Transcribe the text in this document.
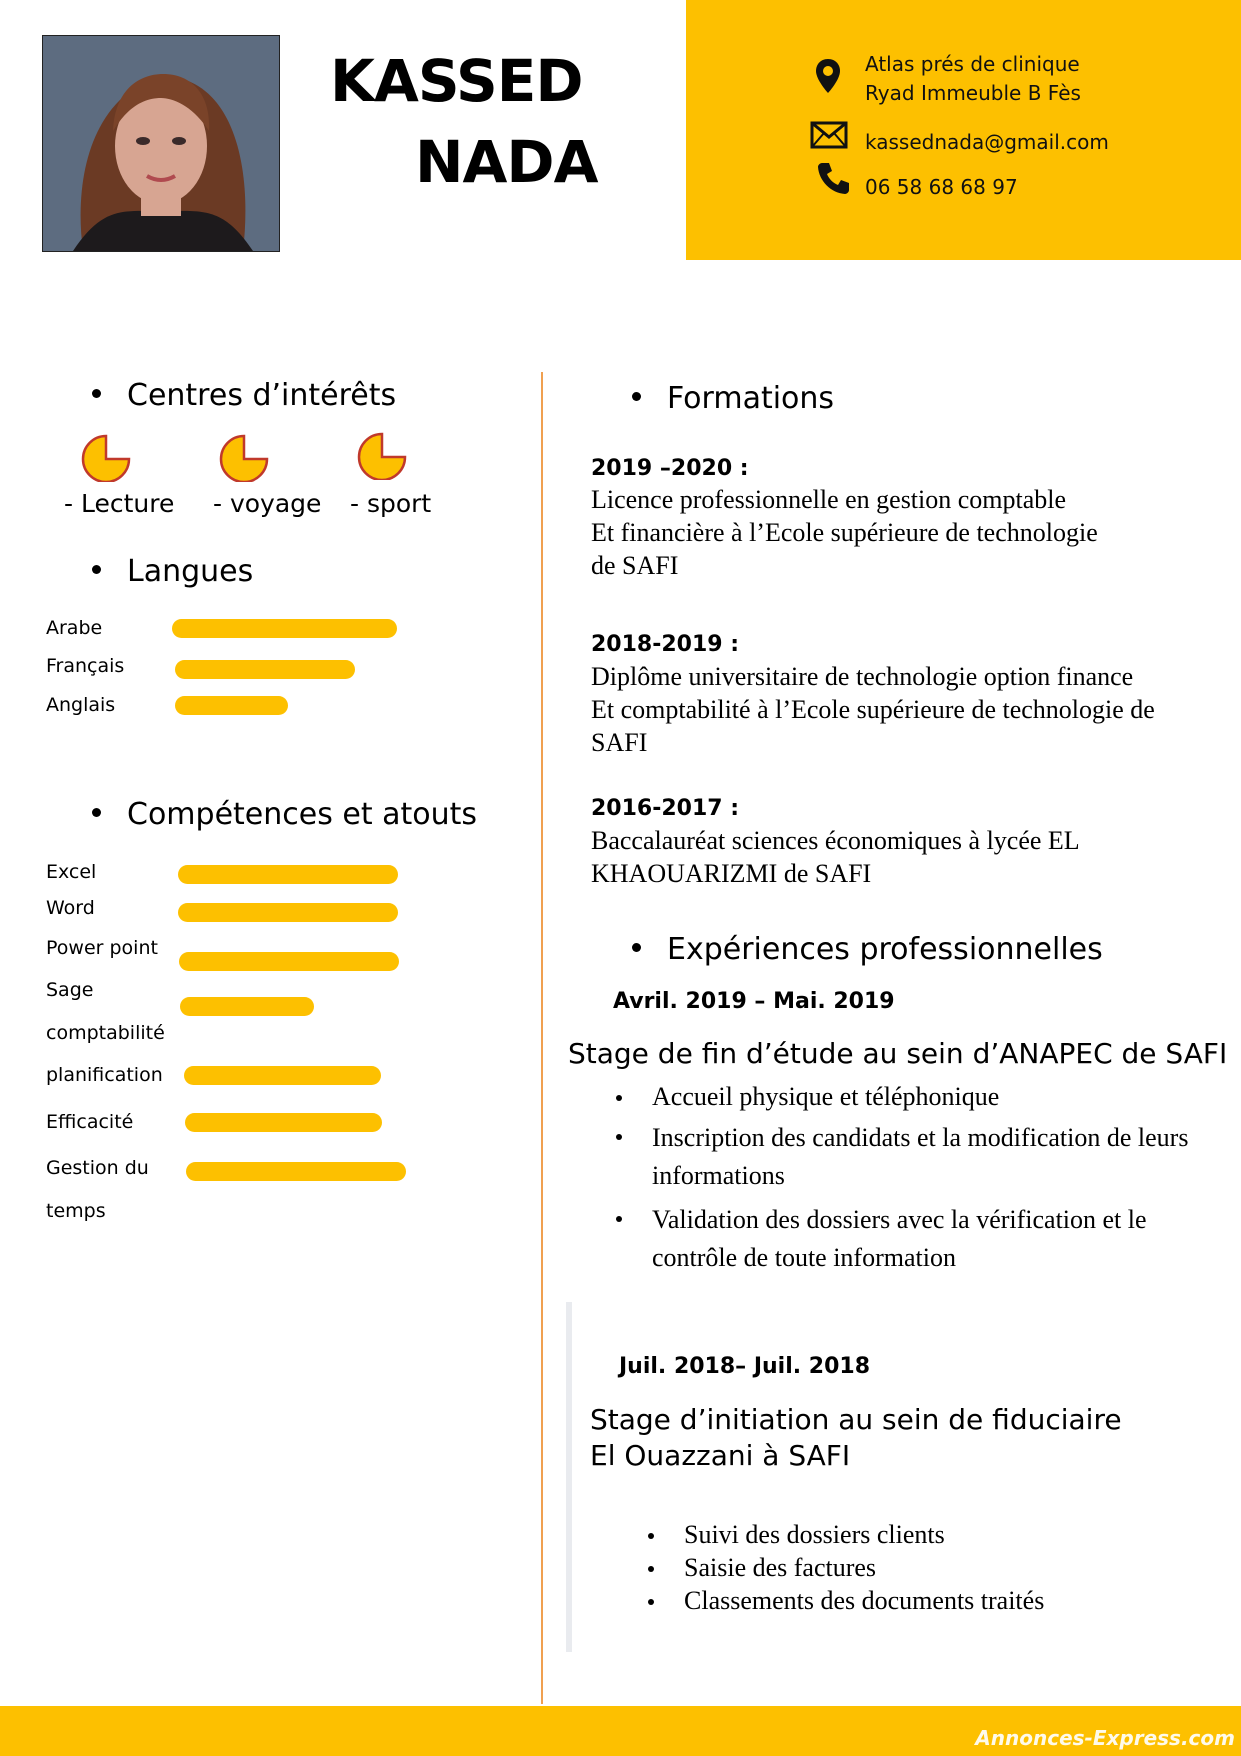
KASSED
NADA
Atlas prés de clinique
Ryad Immeuble B Fès
kassednada@gmail.com
06 58 68 68 97
Centres d’intérêts
- Lecture - voyage - sport
Langues
Arabe
Français
Anglais
Compétences et atouts
Excel
Word
Power point
Sage
comptabilité
planification
Efficacité
Gestion du
temps
Formations
2019 –2020 :
Licence professionnelle en gestion comptable
Et financière à l’Ecole supérieure de technologie
de SAFI
2018-2019 :
Diplôme universitaire de technologie option finance
Et comptabilité à l’Ecole supérieure de technologie de
SAFI
2016-2017 :
Baccalauréat sciences économiques à lycée EL
KHAOUARIZMI de SAFI
Expériences professionnelles
Avril. 2019 – Mai. 2019
Stage de fin d’étude au sein d’ANAPEC de SAFI
Accueil physique et téléphonique
Inscription des candidats et la modification de leurs informations
Validation des dossiers avec la vérification et le contrôle de toute information
Juil. 2018– Juil. 2018
Stage d’initiation au sein de fiduciaire
El Ouazzani à SAFI
Suivi des dossiers clients
Saisie des factures
Classements des documents traités
Annonces-Express.com
